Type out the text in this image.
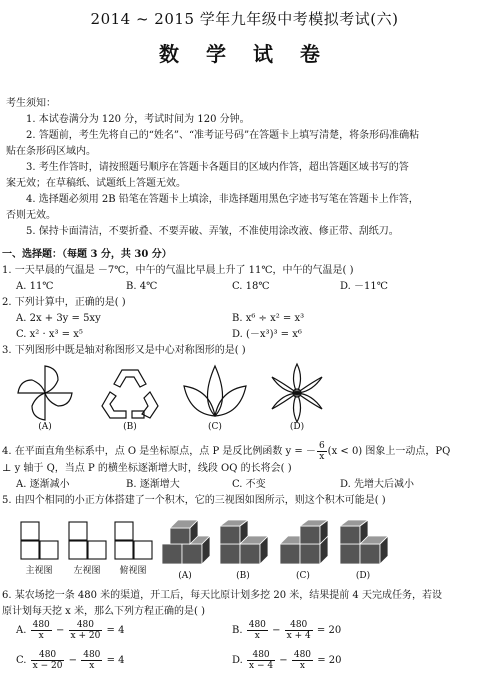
2014 ~ 2015 学年九年级中考模拟考试(六)
数 学 试 卷
考生须知：
1. 本试卷满分为 120 分，考试时间为 120 分钟。
2. 答题前，考生先将自己的“姓名”、“准考证号码”在答题卡上填写清楚，将条形码准确粘
贴在条形码区域内。
3. 考生作答时，请按照题号顺序在答题卡各题目的区域内作答，超出答题区域书写的答
案无效；在草稿纸、试题纸上答题无效。
4. 选择题必须用 2B 铅笔在答题卡上填涂，非选择题用黑色字迹书写笔在答题卡上作答，
否则无效。
5. 保持卡面清洁，不要折叠、不要弄破、弄皱，不准使用涂改液、修正带、刮纸刀。
一、选择题：（每题 3 分，共 30 分）
1. 一天早晨的气温是 －7℃，中午的气温比早晨上升了 11℃，中午的气温是( )
A. 11℃	B. 4℃	C. 18℃	D. －11℃
2. 下列计算中，正确的是( )
A. 2x + 3y = 5xy	B. x⁶ ÷ x² = x³
C. x² · x³ = x⁵	D. (－x³)³ = x⁶
3. 下列图形中既是轴对称图形又是中心对称图形的是( )
(A)	(B)	(C)	(D)
4. 在平面直角坐标系中，点 O 是坐标原点，点 P 是反比例函数 y = － $\frac{6}{x} (x < 0)$ 图象上一动点，PQ
⊥ y 轴于 Q，当点 P 的横坐标逐渐增大时，线段 OQ 的长将会( )
A. 逐渐减小	B. 逐渐增大	C. 不变	D. 先增大后减小
5. 由四个相同的小正方体搭建了一个积木，它的三视图如图所示，则这个积木可能是( )
主视图	左视图	俯视图	(A)	(B)	(C)	(D)
6. 某农场挖一条 480 米的渠道，开工后，每天比原计划多挖 20 米，结果提前 4 天完成任务，若设
原计划每天挖 x 米，那么下列方程正确的是( )
A. $\frac{480}{x} - \frac{480}{x + 20} = 4$	B. $\frac{480}{x} - \frac{480}{x + 4} = 20$
C. $\frac{480}{x - 20} - \frac{480}{x} = 4$	D. $\frac{480}{x - 4} - \frac{480}{x} = 20$
